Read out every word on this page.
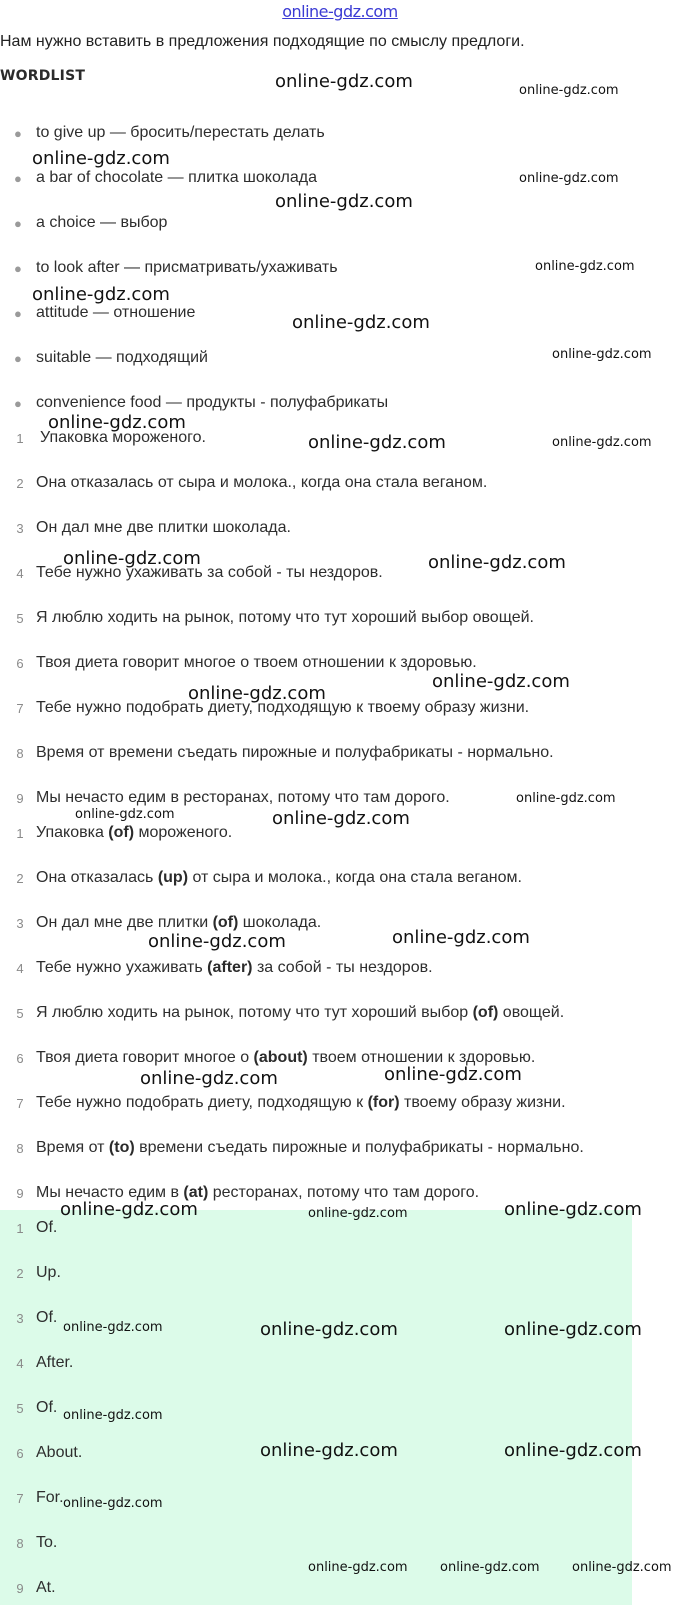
online-gdz.com
Нам нужно вставить в предложения подходящие по смыслу предлоги.
WORDLIST
● to give up — бросить/перестать делать
● a bar of chocolate — плитка шоколада
● a choice — выбор
● to look after — присматривать/ухаживать
● attitude — отношение
● suitable — подходящий
● convenience food — продукты - полуфабрикаты
1 Упаковка мороженого.
2 Она отказалась от сыра и молока., когда она стала веганом.
3 Он дал мне две плитки шоколада.
4 Тебе нужно ухаживать за собой - ты нездоров.
5 Я люблю ходить на рынок, потому что тут хороший выбор овощей.
6 Твоя диета говорит многое о твоем отношении к здоровью.
7 Тебе нужно подобрать диету, подходящую к твоему образу жизни.
8 Время от времени съедать пирожные и полуфабрикаты - нормально.
9 Мы нечасто едим в ресторанах, потому что там дорого.
1 Упаковка (of) мороженого.
2 Она отказалась (up) от сыра и молока., когда она стала веганом.
3 Он дал мне две плитки (of) шоколада.
4 Тебе нужно ухаживать (after) за собой - ты нездоров.
5 Я люблю ходить на рынок, потому что тут хороший выбор (of) овощей.
6 Твоя диета говорит многое о (about) твоем отношении к здоровью.
7 Тебе нужно подобрать диету, подходящую к (for) твоему образу жизни.
8 Время от (to) времени съедать пирожные и полуфабрикаты - нормально.
9 Мы нечасто едим в (at) ресторанах, потому что там дорого.
1 Of.
2 Up.
3 Of.
4 After.
5 Of.
6 About.
7 For.
8 To.
9 At.
online-gdz.com	online-gdz.com
online-gdz.com
online-gdz.com
online-gdz.com
online-gdz.com
online-gdz.com
online-gdz.com
online-gdz.com
online-gdz.com
online-gdz.com	online-gdz.com
online-gdz.com	online-gdz.com
online-gdz.com
online-gdz.com
online-gdz.com
online-gdz.com	online-gdz.com
online-gdz.com	online-gdz.com
online-gdz.com	online-gdz.com
online-gdz.com	online-gdz.com	online-gdz.com
online-gdz.com	online-gdz.com	online-gdz.com
online-gdz.com
online-gdz.com	online-gdz.com
online-gdz.com
online-gdz.com online-gdz.com online-gdz.com
